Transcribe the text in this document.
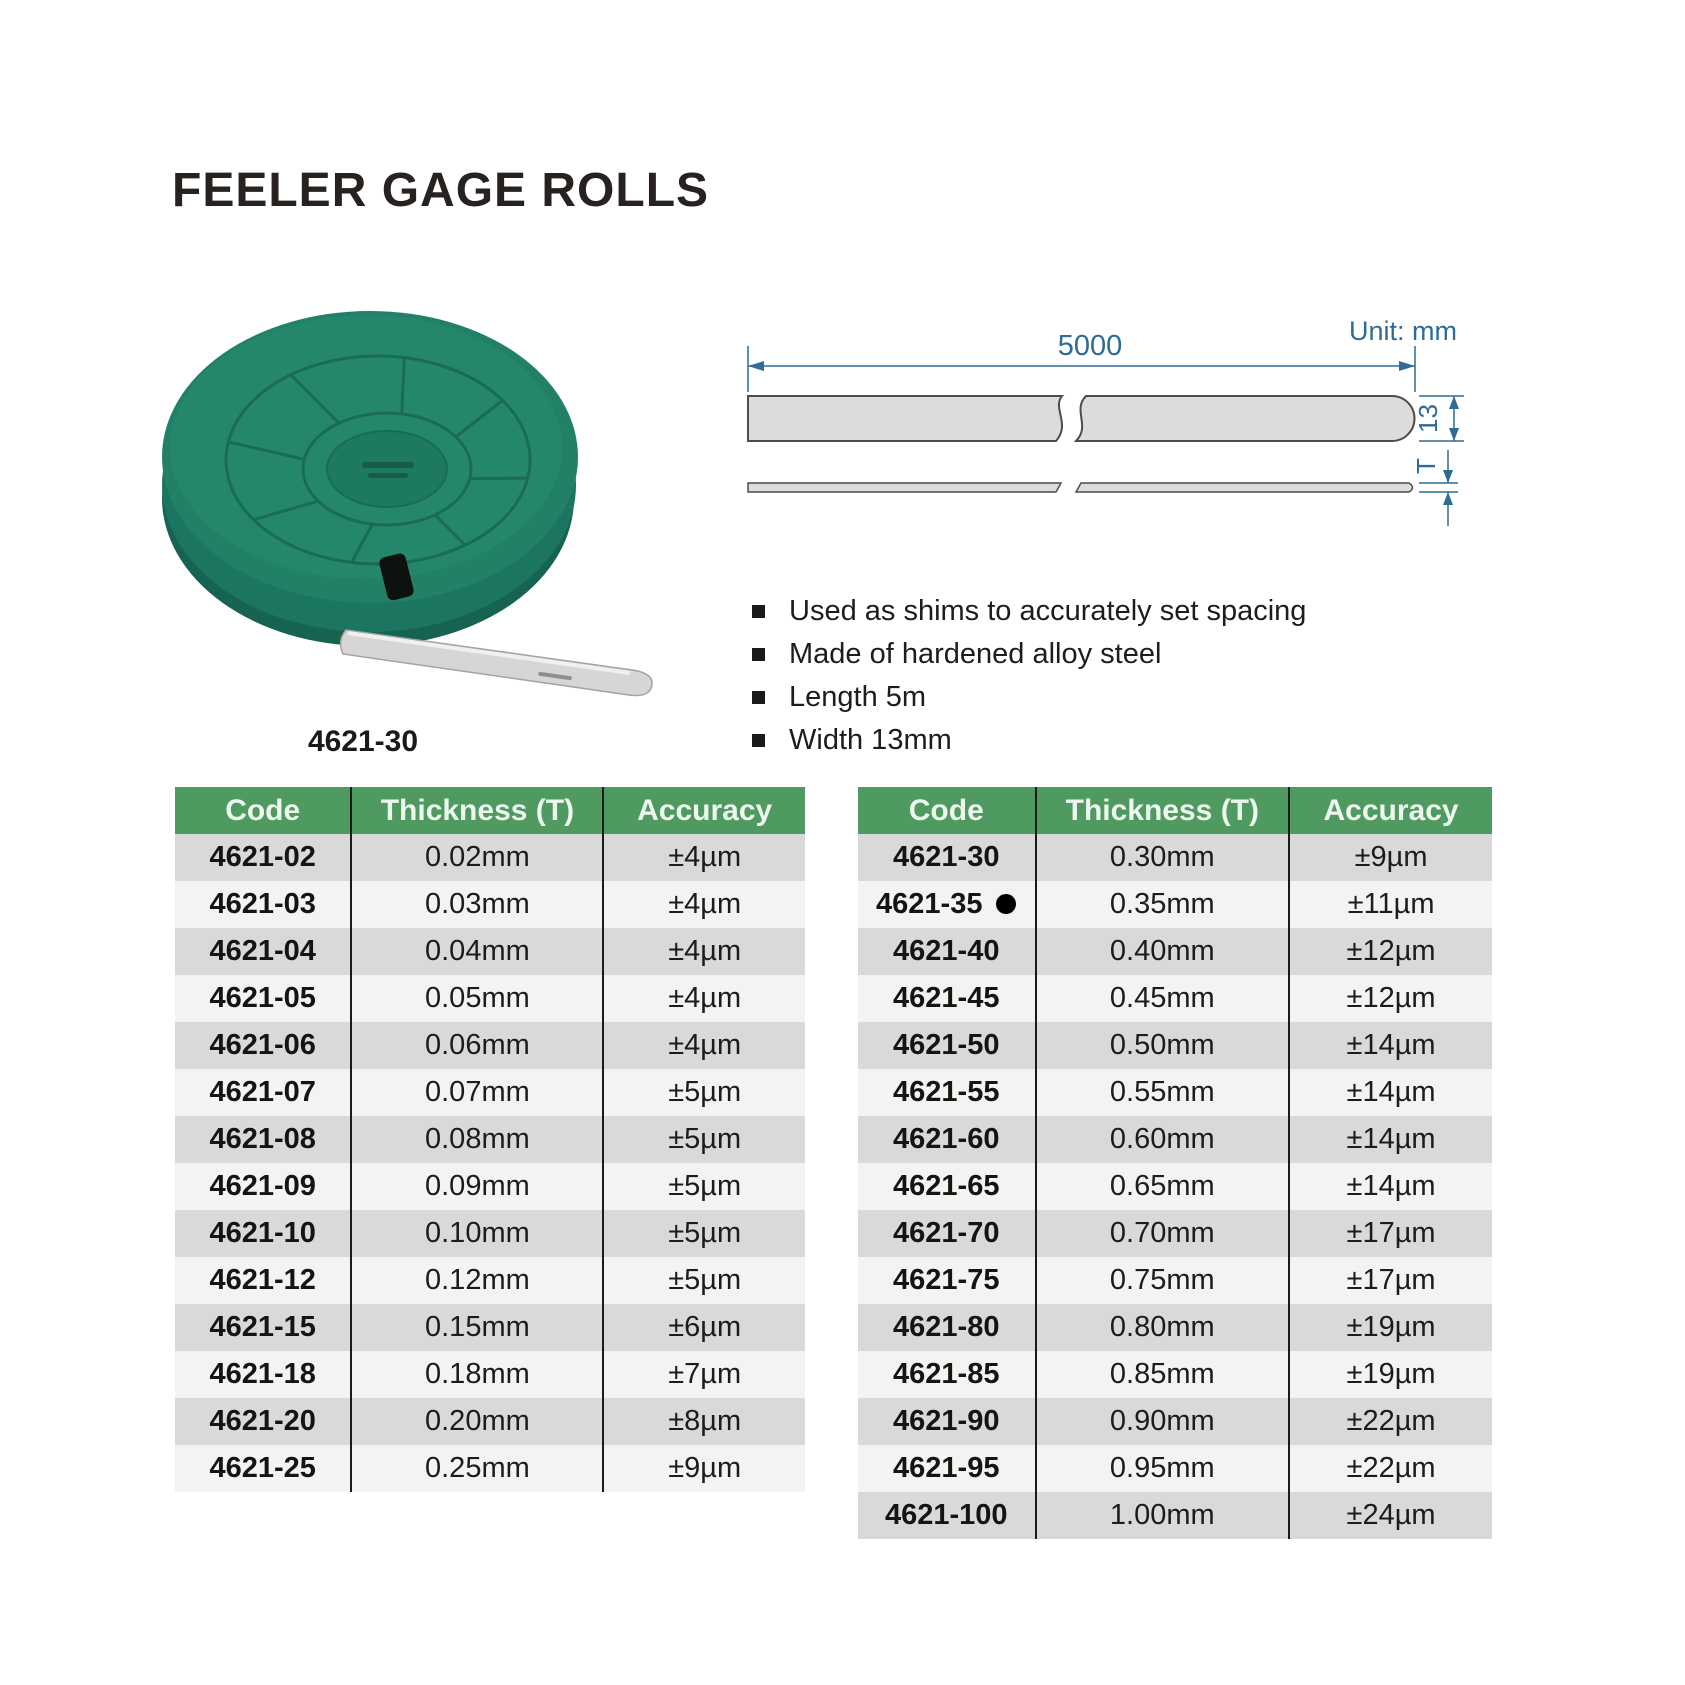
FEELER GAGE ROLLS
4621-30
Unit: mm
5000
13
T
Used as shims to accurately set spacing
Made of hardened alloy steel
Length 5m
Width 13mm
Code	Thickness (T)	Accuracy
4621-02	0.02mm	±4µm
4621-03	0.03mm	±4µm
4621-04	0.04mm	±4µm
4621-05	0.05mm	±4µm
4621-06	0.06mm	±4µm
4621-07	0.07mm	±5µm
4621-08	0.08mm	±5µm
4621-09	0.09mm	±5µm
4621-10	0.10mm	±5µm
4621-12	0.12mm	±5µm
4621-15	0.15mm	±6µm
4621-18	0.18mm	±7µm
4621-20	0.20mm	±8µm
4621-25	0.25mm	±9µm
Code	Thickness (T)	Accuracy
4621-30	0.30mm	±9µm
4621-35	0.35mm	±11µm
4621-40	0.40mm	±12µm
4621-45	0.45mm	±12µm
4621-50	0.50mm	±14µm
4621-55	0.55mm	±14µm
4621-60	0.60mm	±14µm
4621-65	0.65mm	±14µm
4621-70	0.70mm	±17µm
4621-75	0.75mm	±17µm
4621-80	0.80mm	±19µm
4621-85	0.85mm	±19µm
4621-90	0.90mm	±22µm
4621-95	0.95mm	±22µm
4621-100	1.00mm	±24µm
